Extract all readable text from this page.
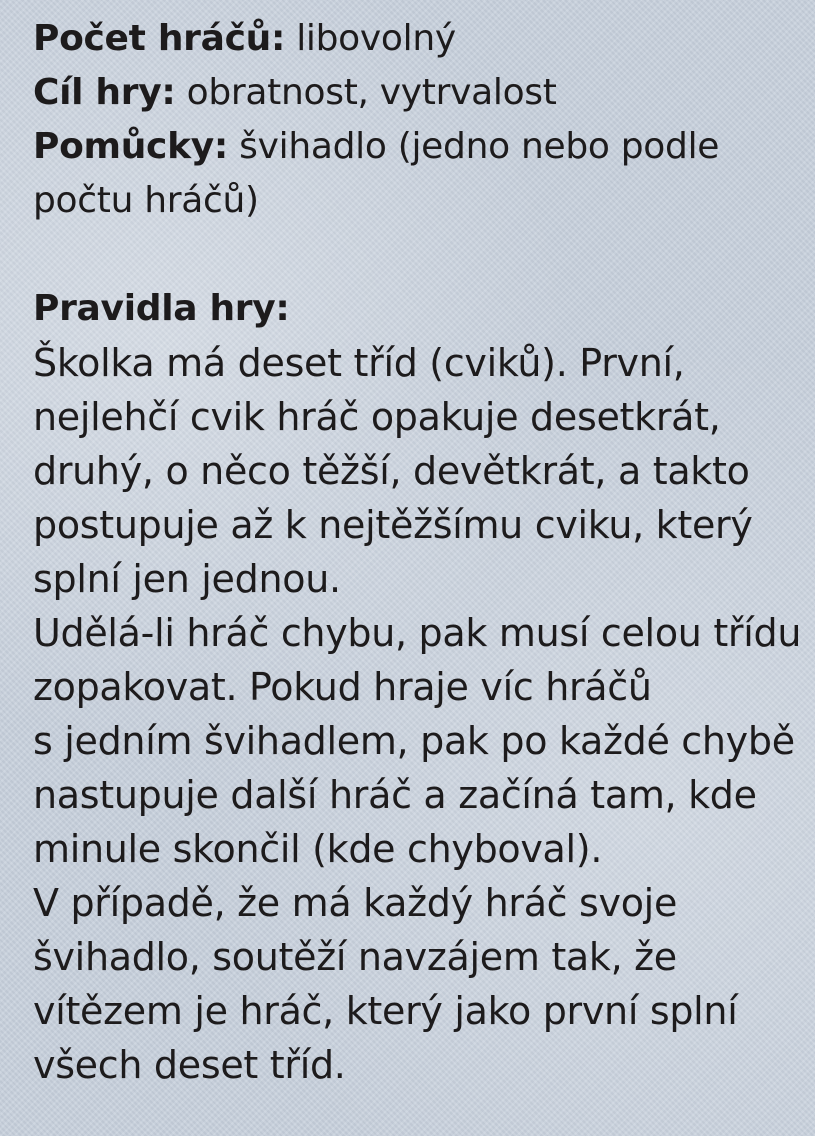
Počet hráčů: libovolný
Cíl hry: obratnost, vytrvalost
Pomůcky: švihadlo (jedno nebo podle
počtu hráčů)
Pravidla hry:
Školka má deset tříd (cviků). První,
nejlehčí cvik hráč opakuje desetkrát,
druhý, o něco těžší, devětkrát, a takto
postupuje až k nejtěžšímu cviku, který
splní jen jednou.
Udělá-li hráč chybu, pak musí celou třídu
zopakovat. Pokud hraje víc hráčů
s jedním švihadlem, pak po každé chybě
nastupuje další hráč a začíná tam, kde
minule skončil (kde chyboval).
V případě, že má každý hráč svoje
švihadlo, soutěží navzájem tak, že
vítězem je hráč, který jako první splní
všech deset tříd.
